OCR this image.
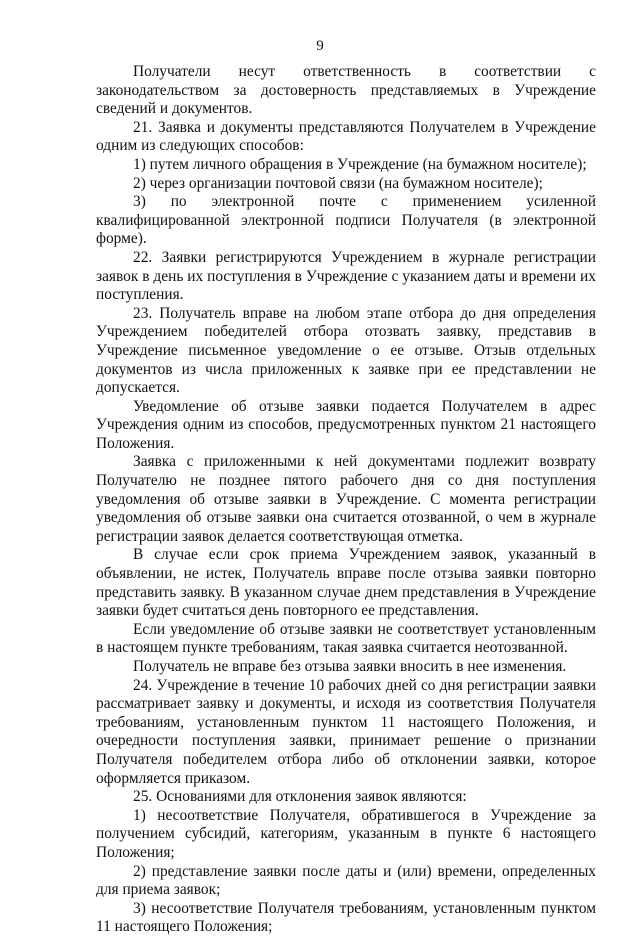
9

Получатели несут ответственность в соответствии с законодательством за достоверность представляемых в Учреждение сведений и документов.

21. Заявка и документы представляются Получателем в Учреждение одним из следующих способов:

1) путем личного обращения в Учреждение (на бумажном носителе);

2) через организации почтовой связи (на бумажном носителе);

3) по электронной почте с применением усиленной квалифицированной электронной подписи Получателя (в электронной форме).

22. Заявки регистрируются Учреждением в журнале регистрации заявок в день их поступления в Учреждение с указанием даты и времени их поступления.

23. Получатель вправе на любом этапе отбора до дня определения Учреждением победителей отбора отозвать заявку, представив в Учреждение письменное уведомление о ее отзыве. Отзыв отдельных документов из числа приложенных к заявке при ее представлении не допускается.

Уведомление об отзыве заявки подается Получателем в адрес Учреждения одним из способов, предусмотренных пунктом 21 настоящего Положения.

Заявка с приложенными к ней документами подлежит возврату Получателю не позднее пятого рабочего дня со дня поступления уведомления об отзыве заявки в Учреждение. С момента регистрации уведомления об отзыве заявки она считается отозванной, о чем в журнале регистрации заявок делается соответствующая отметка.

В случае если срок приема Учреждением заявок, указанный в объявлении, не истек, Получатель вправе после отзыва заявки повторно представить заявку. В указанном случае днем представления в Учреждение заявки будет считаться день повторного ее представления.

Если уведомление об отзыве заявки не соответствует установленным в настоящем пункте требованиям, такая заявка считается неотозванной.

Получатель не вправе без отзыва заявки вносить в нее изменения.

24. Учреждение в течение 10 рабочих дней со дня регистрации заявки рассматривает заявку и документы, и исходя из соответствия Получателя требованиям, установленным пунктом 11 настоящего Положения, и очередности поступления заявки, принимает решение о признании Получателя победителем отбора либо об отклонении заявки, которое оформляется приказом.

25. Основаниями для отклонения заявок являются:

1) несоответствие Получателя, обратившегося в Учреждение за получением субсидий, категориям, указанным в пункте 6 настоящего Положения;

2) представление заявки после даты и (или) времени, определенных для приема заявок;

3) несоответствие Получателя требованиям, установленным пунктом 11 настоящего Положения;
